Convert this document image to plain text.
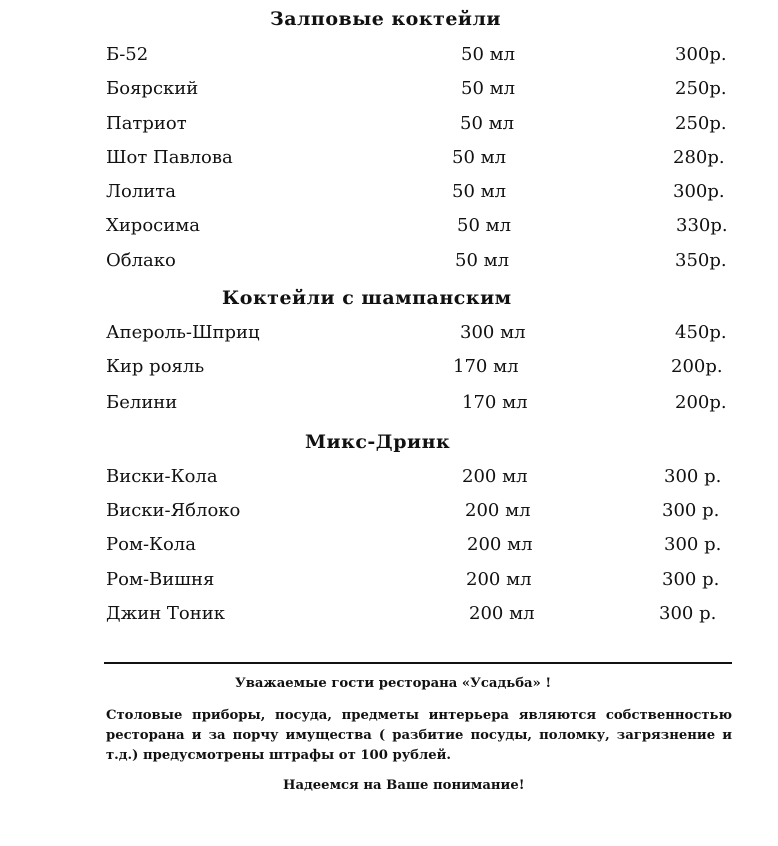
Залповые коктейли
Б-52	50 мл	300р.
Боярский	50 мл	250р.
Патриот	50 мл	250р.
Шот Павлова	50 мл	280р.
Лолита	50 мл	300р.
Хиросима	50 мл	330р.
Облако	50 мл	350р.
Коктейли с шампанским
Апероль-Шприц	300 мл	450р.
Кир рояль	170 мл	200р.
Белини	170 мл	200р.
Микс-Дринк
Виски-Кола	200 мл	300 р.
Виски-Яблоко	200 мл	300 р.
Ром-Кола	200 мл	300 р.
Ром-Вишня	200 мл	300 р.
Джин Тоник	200 мл	300 р.
Уважаемые гости ресторана «Усадьба» !
Столовые приборы, посуда, предметы интерьера являются собственностью ресторана и за порчу имущества ( разбитие посуды, поломку, загрязнение и т.д.) предусмотрены штрафы от 100 рублей.
Надеемся на Ваше понимание!
